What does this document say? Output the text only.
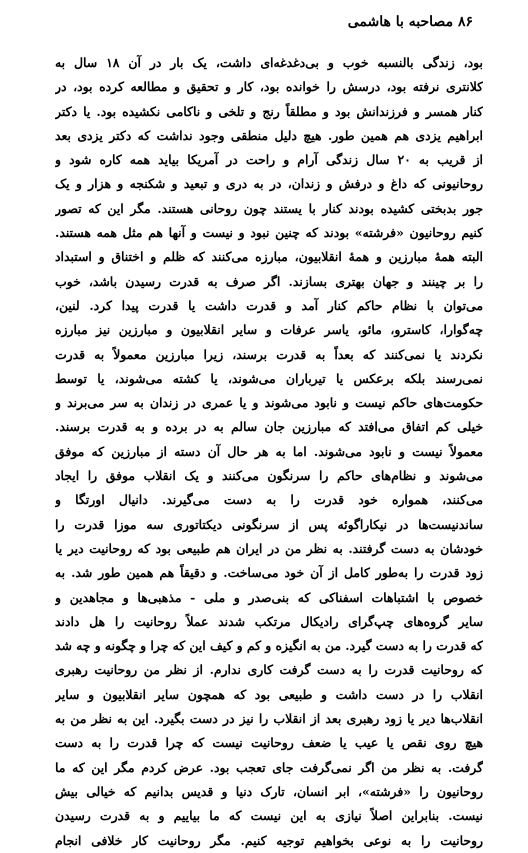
۸۶ مصاحبه با هاشمی
بود، زندگی بالنسبه خوب و بی‌دغدغه‌ای داشت، یک بار در آن ۱۸ سال به
کلانتری نرفته بود، درسش را خوانده بود، کار و تحقیق و مطالعه کرده بود، در
کنار همسر و فرزندانش بود و مطلقاً رنج و تلخی و ناکامی نکشیده بود. یا دکتر
ابراهیم یزدی هم همین طور. هیچ دلیل منطقی وجود نداشت که دکتر یزدی بعد
از قریب به ۲۰ سال زندگی آرام و راحت در آمریکا بیاید همه کاره شود و
روحانیونی که داغ و درفش و زندان، در به دری و تبعید و شکنجه و هزار و یک
جور بدبختی کشیده بودند کنار با یستند چون روحانی هستند. مگر این که تصور
کنیم روحانیون «فرشته» بودند که چنین نبود و نیست و آنها هم مثل همه هستند.
البته همهٔ مبارزین و همهٔ انقلابیون، مبارزه می‌کنند که ظلم و اختناق و استبداد
را بر چینند و جهان بهتری بسازند. اگر صرف به قدرت رسیدن باشد، خوب
می‌توان با نظام حاکم کنار آمد و قدرت داشت یا قدرت پیدا کرد. لنین،
چه‌گوارا، کاسترو، مائو، یاسر عرفات و سایر انقلابیون و مبارزین نیز مبارزه
نکردند یا نمی‌کنند که بعداً به قدرت برسند، زیرا مبارزین معمولاً به قدرت
نمی‌رسند بلکه برعکس یا تیرباران می‌شوند، یا کشته می‌شوند، یا توسط
حکومت‌های حاکم نیست و نابود می‌شوند و یا عمری در زندان به سر می‌برند و
خیلی کم اتفاق می‌افتد که مبارزین جان سالم به در برده و به قدرت برسند.
معمولاً نیست و نابود می‌شوند. اما به هر حال آن دسته از مبارزین که موفق
می‌شوند و نظام‌های حاکم را سرنگون می‌کنند و یک انقلاب موفق را ایجاد
می‌کنند، همواره خود قدرت را به دست می‌گیرند. دانیال اورتگا و
ساندنیست‌ها در نیکاراگوئه پس از سرنگونی دیکتاتوری سه موزا قدرت را
خودشان به دست گرفتند. به نظر من در ایران هم طبیعی بود که روحانیت دیر یا
زود قدرت را به‌طور کامل از آن خود می‌ساخت. و دقیقاً هم همین طور شد. به
خصوص با اشتباهات اسفناکی که بنی‌صدر و ملی - مذهبی‌ها و مجاهدین و
سایر گروه‌های چپ‌گرای رادیکال مرتکب شدند عملاً روحانیت را هل دادند
که قدرت را به دست گیرد. من به انگیزه و کم و کیف این که چرا و چگونه و چه شد
که روحانیت قدرت را به دست گرفت کاری ندارم. از نظر من روحانیت رهبری
انقلاب را در دست داشت و طبیعی بود که همچون سایر انقلابیون و سایر
انقلاب‌ها دیر یا زود رهبری بعد از انقلاب را نیز در دست بگیرد. این به نظر من به
هیچ روی نقص یا عیب یا ضعف روحانیت نیست که چرا قدرت را به دست
گرفت. به نظر من اگر نمی‌گرفت جای تعجب بود. عرض کردم مگر این که ما
روحانیون را «فرشته»، ابر انسان، تارک دنیا و قدیس بدانیم که خیالی بیش
نیست. بنابراین اصلاً نیازی به این نیست که ما بیاییم و به قدرت رسیدن
روحانیت را به نوعی بخواهیم توجیه کنیم. مگر روحانیت کار خلافی انجام
